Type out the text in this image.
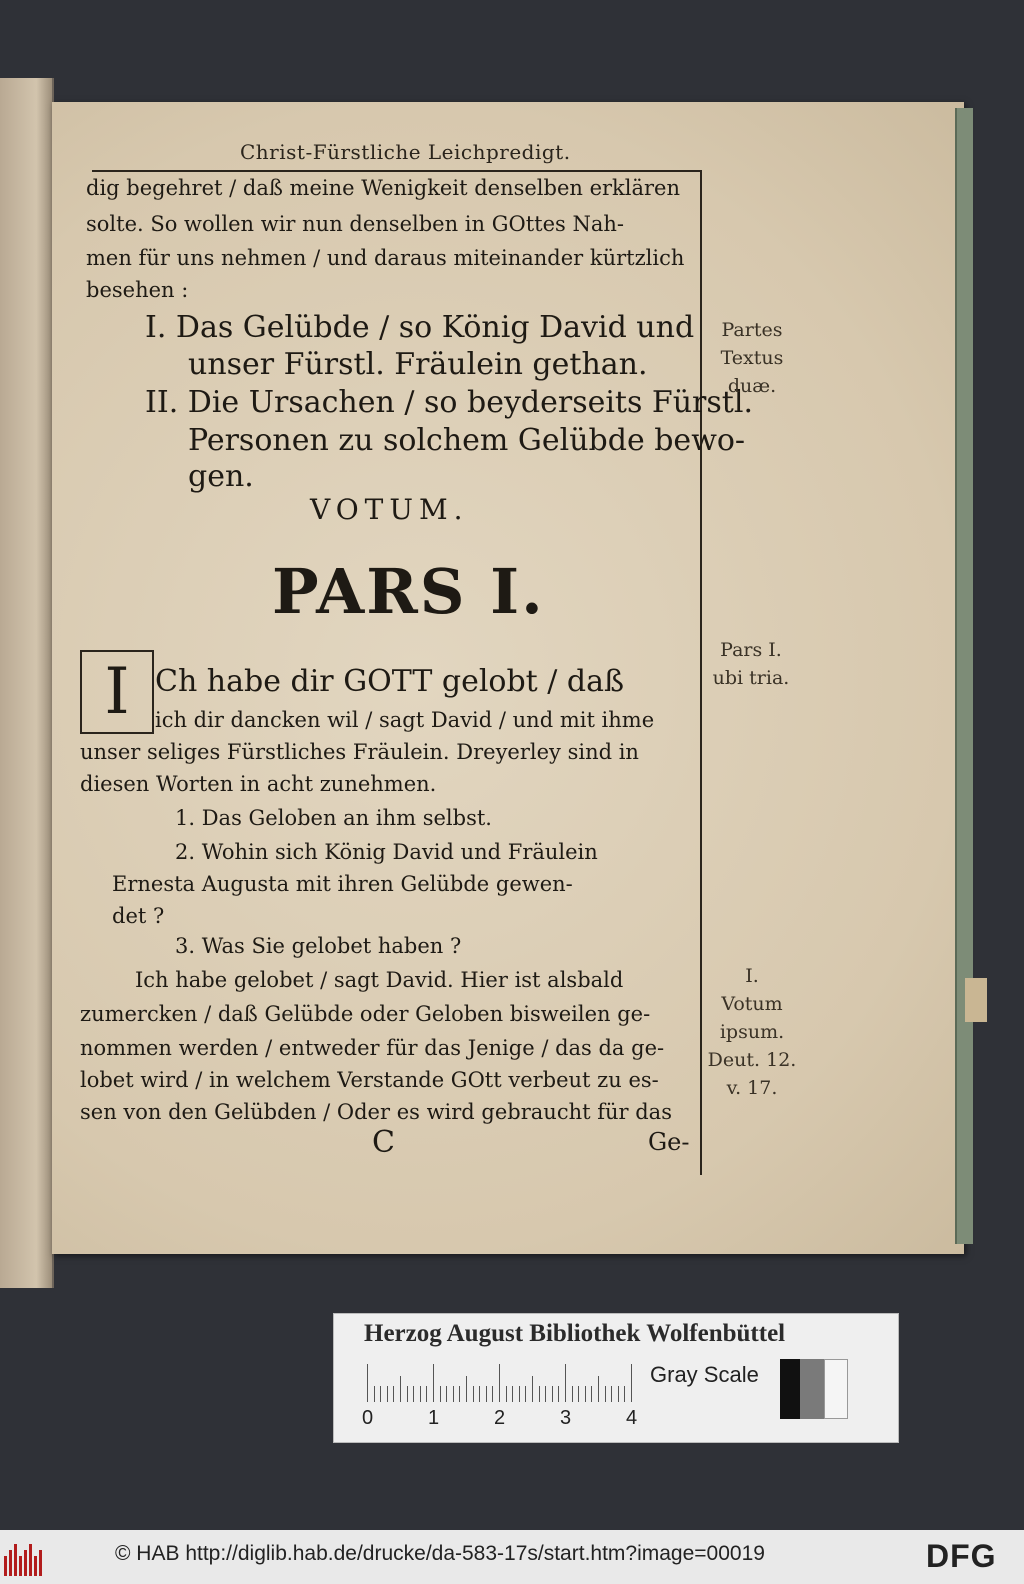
Christ-Fürstliche Leichpredigt.
dig begehret / daß meine Wenigkeit denselben erklären
solte. So wollen wir nun denselben in GOttes Nah-
men für uns nehmen / und daraus miteinander kürtzlich
besehen :
I. Das Gelübde / so König David und
unser Fürstl. Fräulein gethan.
II. Die Ursachen / so beyderseits Fürstl.
Personen zu solchem Gelübde bewo-
gen.
VOTUM.
PARS I.
I Ch habe dir GOTT gelobt / daß
ich dir dancken wil / sagt David / und mit ihme
unser seliges Fürstliches Fräulein. Dreyerley sind in
diesen Worten in acht zunehmen.
1. Das Geloben an ihm selbst.
2. Wohin sich König David und Fräulein
Ernesta Augusta mit ihren Gelübde gewen-
det ?
3. Was Sie gelobet haben ?
Ich habe gelobet / sagt David. Hier ist alsbald
zumercken / daß Gelübde oder Geloben bisweilen ge-
nommen werden / entweder für das Jenige / das da ge-
lobet wird / in welchem Verstande GOtt verbeut zu es-
sen von den Gelübden / Oder es wird gebraucht für das
C	Ge-
Partes
Textus
duæ.
Pars I.
ubi tria.
I.
Votum
ipsum.
Deut. 12.
v. 17.
Herzog August Bibliothek Wolfenbüttel
0	1	2	3	4
Gray Scale
© HAB http://diglib.hab.de/drucke/da-583-17s/start.htm?image=00019	DFG
